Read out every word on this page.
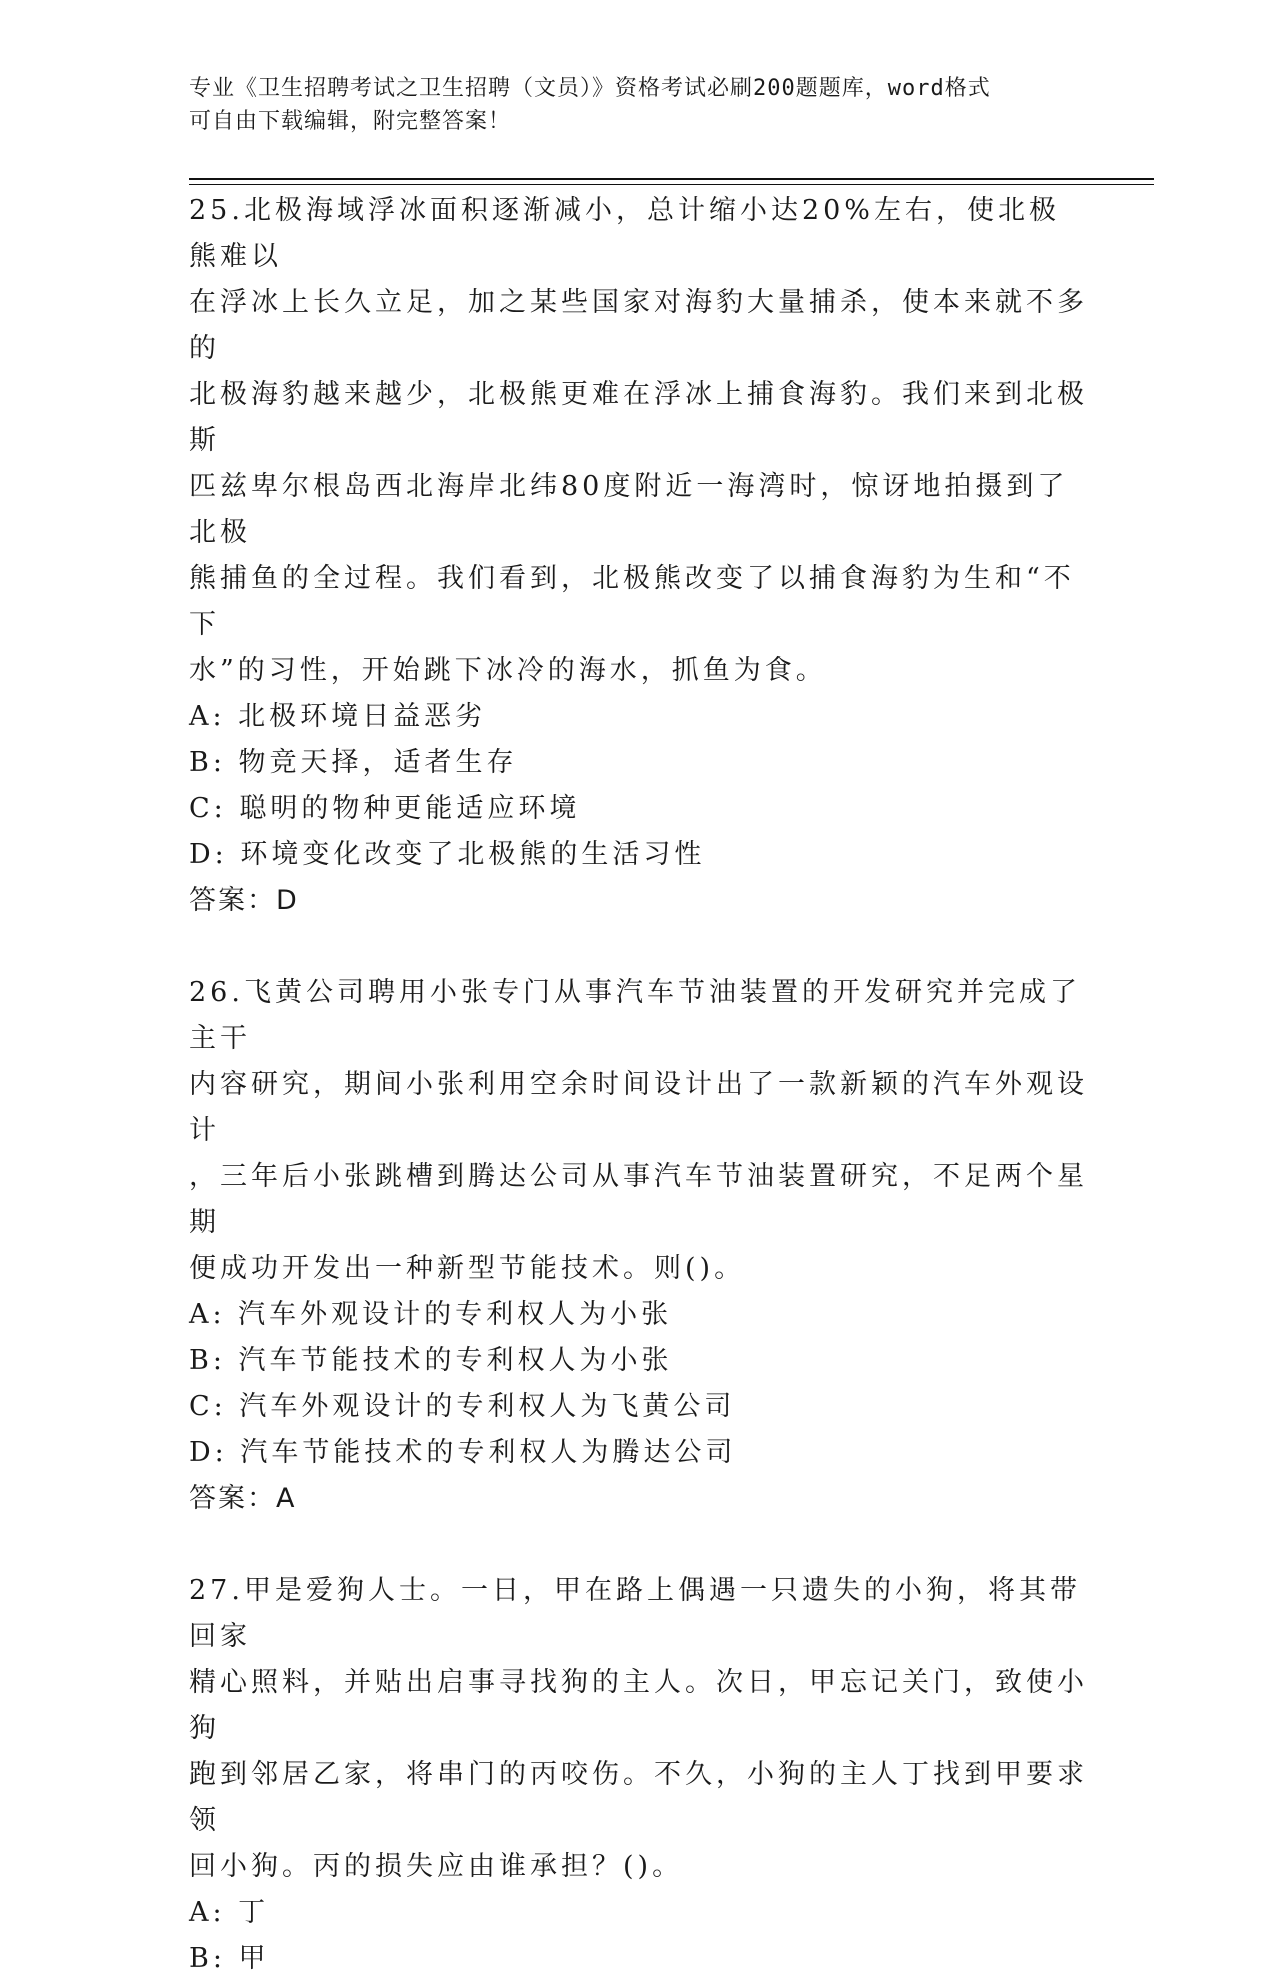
专业《卫生招聘考试之卫生招聘（文员）》资格考试必刷200题题库，word格式
可自由下载编辑，附完整答案！

25.北极海域浮冰面积逐渐减小，总计缩小达20%左右，使北极熊难以

在浮冰上长久立足，加之某些国家对海豹大量捕杀，使本来就不多的

北极海豹越来越少，北极熊更难在浮冰上捕食海豹。我们来到北极斯

匹兹卑尔根岛西北海岸北纬80度附近一海湾时，惊讶地拍摄到了北极

熊捕鱼的全过程。我们看到，北极熊改变了以捕食海豹为生和“不下

水”的习性，开始跳下冰冷的海水，抓鱼为食。

A: 北极环境日益恶劣

B: 物竞天择，适者生存

C: 聪明的物种更能适应环境

D: 环境变化改变了北极熊的生活习性

答案：D

26.飞黄公司聘用小张专门从事汽车节油装置的开发研究并完成了主干

内容研究，期间小张利用空余时间设计出了一款新颖的汽车外观设计

，三年后小张跳槽到腾达公司从事汽车节油装置研究，不足两个星期

便成功开发出一种新型节能技术。则()。

A: 汽车外观设计的专利权人为小张

B: 汽车节能技术的专利权人为小张

C: 汽车外观设计的专利权人为飞黄公司

D: 汽车节能技术的专利权人为腾达公司

答案：A

27.甲是爱狗人士。一日，甲在路上偶遇一只遗失的小狗，将其带回家

精心照料，并贴出启事寻找狗的主人。次日，甲忘记关门，致使小狗

跑到邻居乙家，将串门的丙咬伤。不久，小狗的主人丁找到甲要求领

回小狗。丙的损失应由谁承担？()。

A: 丁

B: 甲
